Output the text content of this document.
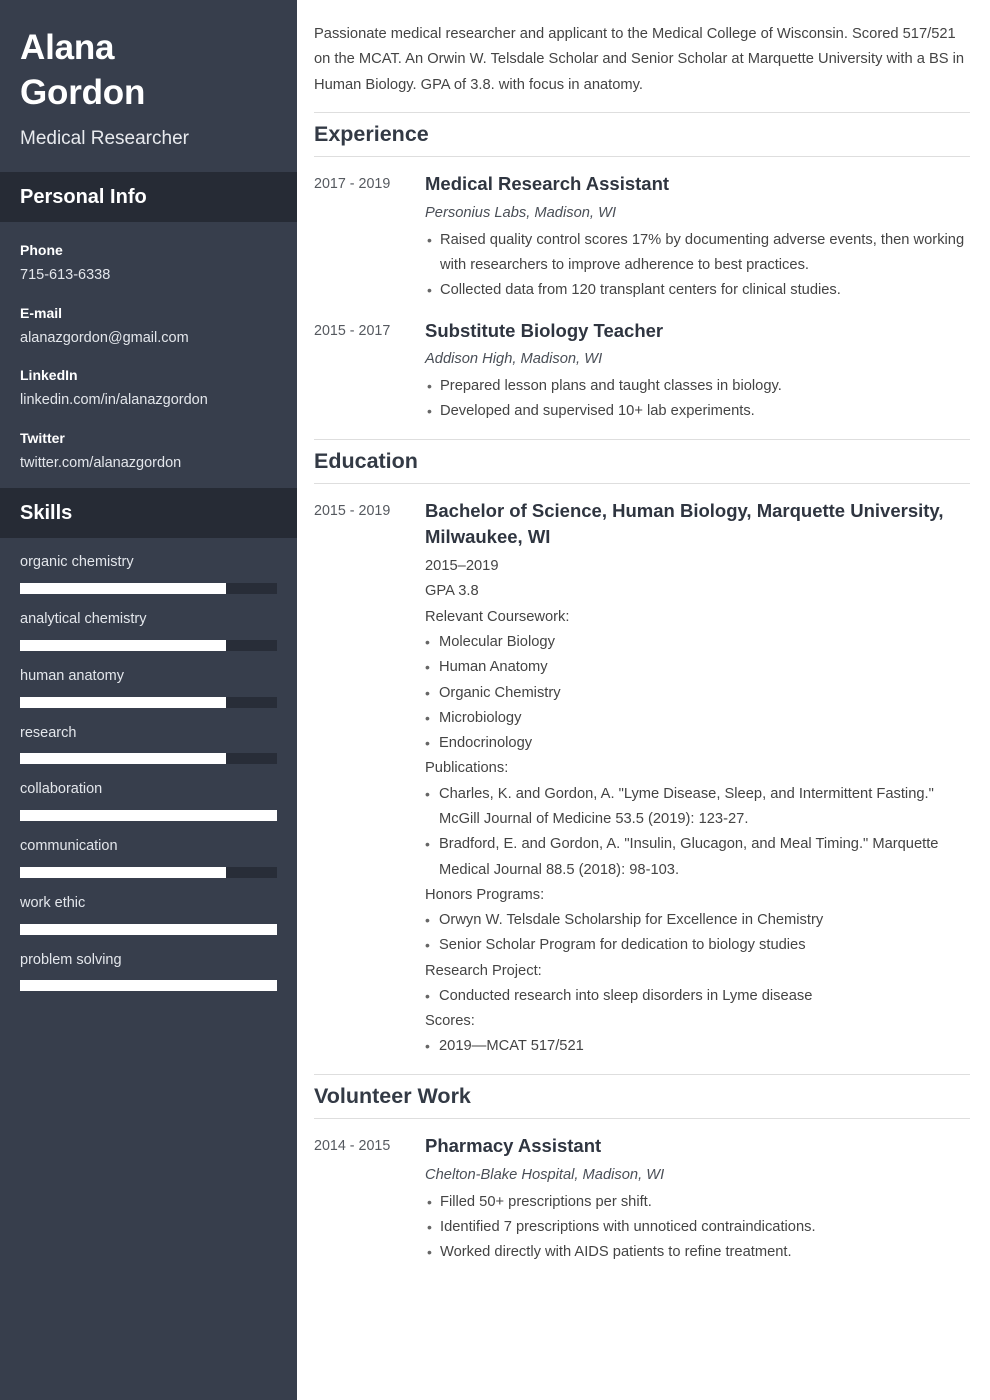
Alana Gordon
Medical Researcher
Personal Info
Phone
715-613-6338
E-mail
alanazgordon@gmail.com
LinkedIn
linkedin.com/in/alanazgordon
Twitter
twitter.com/alanazgordon
Skills
organic chemistry
analytical chemistry
human anatomy
research
collaboration
communication
work ethic
problem solving

Passionate medical researcher and applicant to the Medical College of Wisconsin. Scored 517/521 on the MCAT. An Orwin W. Telsdale Scholar and Senior Scholar at Marquette University with a BS in Human Biology. GPA of 3.8. with focus in anatomy.

Experience
2017 - 2019	Medical Research Assistant
Personius Labs, Madison, WI
• Raised quality control scores 17% by documenting adverse events, then working with researchers to improve adherence to best practices.
• Collected data from 120 transplant centers for clinical studies.
2015 - 2017	Substitute Biology Teacher
Addison High, Madison, WI
• Prepared lesson plans and taught classes in biology.
• Developed and supervised 10+ lab experiments.
Education
2015 - 2019	Bachelor of Science, Human Biology, Marquette University, Milwaukee, WI
2015–2019
GPA 3.8
Relevant Coursework:
• Molecular Biology
• Human Anatomy
• Organic Chemistry
• Microbiology
• Endocrinology
Publications:
• Charles, K. and Gordon, A. "Lyme Disease, Sleep, and Intermittent Fasting." McGill Journal of Medicine 53.5 (2019): 123-27.
• Bradford, E. and Gordon, A. "Insulin, Glucagon, and Meal Timing." Marquette Medical Journal 88.5 (2018): 98-103.
Honors Programs:
• Orwyn W. Telsdale Scholarship for Excellence in Chemistry
• Senior Scholar Program for dedication to biology studies
Research Project:
• Conducted research into sleep disorders in Lyme disease
Scores:
• 2019—MCAT 517/521
Volunteer Work
2014 - 2015	Pharmacy Assistant
Chelton-Blake Hospital, Madison, WI
• Filled 50+ prescriptions per shift.
• Identified 7 prescriptions with unnoticed contraindications.
• Worked directly with AIDS patients to refine treatment.
